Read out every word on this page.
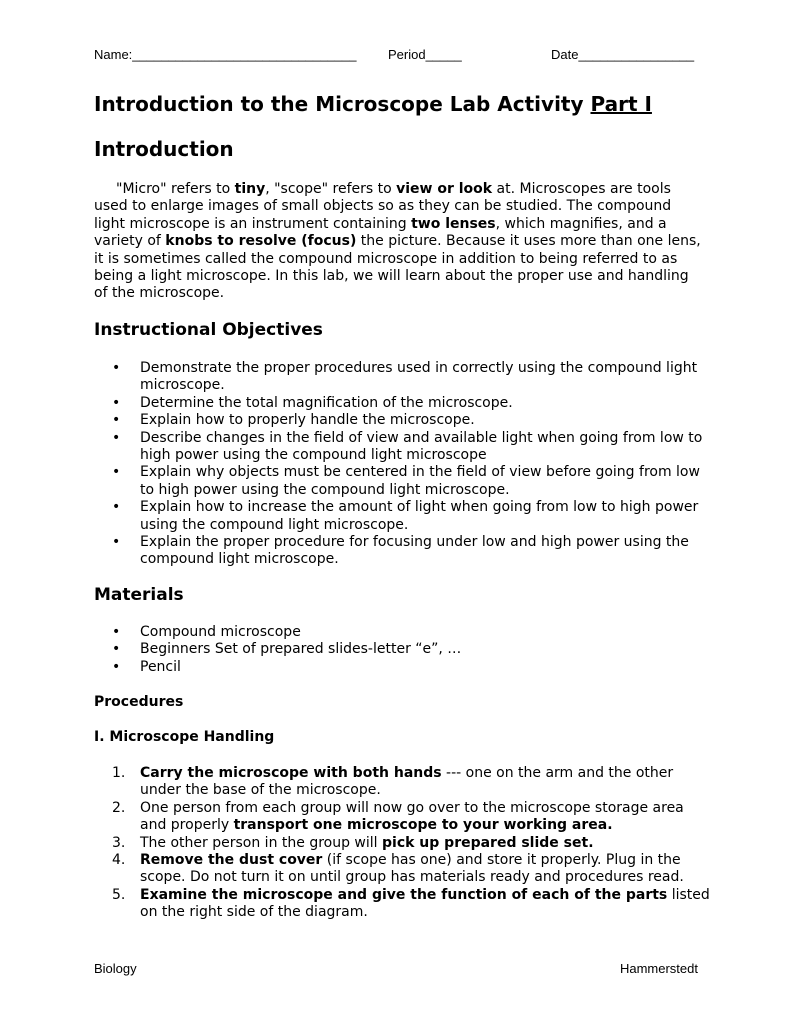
Name:_______________________________ Period_____	Date________________
Introduction to the Microscope Lab Activity Part I
Introduction

"Micro" refers to tiny, "scope" refers to view or look at. Microscopes are tools used to enlarge images of small objects so as they can be studied. The compound light microscope is an instrument containing two lenses, which magnifies, and a variety of knobs to resolve (focus) the picture. Because it uses more than one lens, it is sometimes called the compound microscope in addition to being referred to as being a light microscope. In this lab, we will learn about the proper use and handling of the microscope.

Instructional Objectives
• Demonstrate the proper procedures used in correctly using the compound light microscope.
• Determine the total magnification of the microscope.
• Explain how to properly handle the microscope.
• Describe changes in the field of view and available light when going from low to high power using the compound light microscope
• Explain why objects must be centered in the field of view before going from low to high power using the compound light microscope.
• Explain how to increase the amount of light when going from low to high power using the compound light microscope.
• Explain the proper procedure for focusing under low and high power using the compound light microscope.
Materials
• Compound microscope
• Beginners Set of prepared slides-letter “e”, …
• Pencil
Procedures
I. Microscope Handling
1. Carry the microscope with both hands --- one on the arm and the other under the base of the microscope.
2. One person from each group will now go over to the microscope storage area and properly transport one microscope to your working area.
3. The other person in the group will pick up prepared slide set.
4. Remove the dust cover (if scope has one) and store it properly. Plug in the scope. Do not turn it on until group has materials ready and procedures read.
5. Examine the microscope and give the function of each of the parts listed on the right side of the diagram.
Biology	Hammerstedt
